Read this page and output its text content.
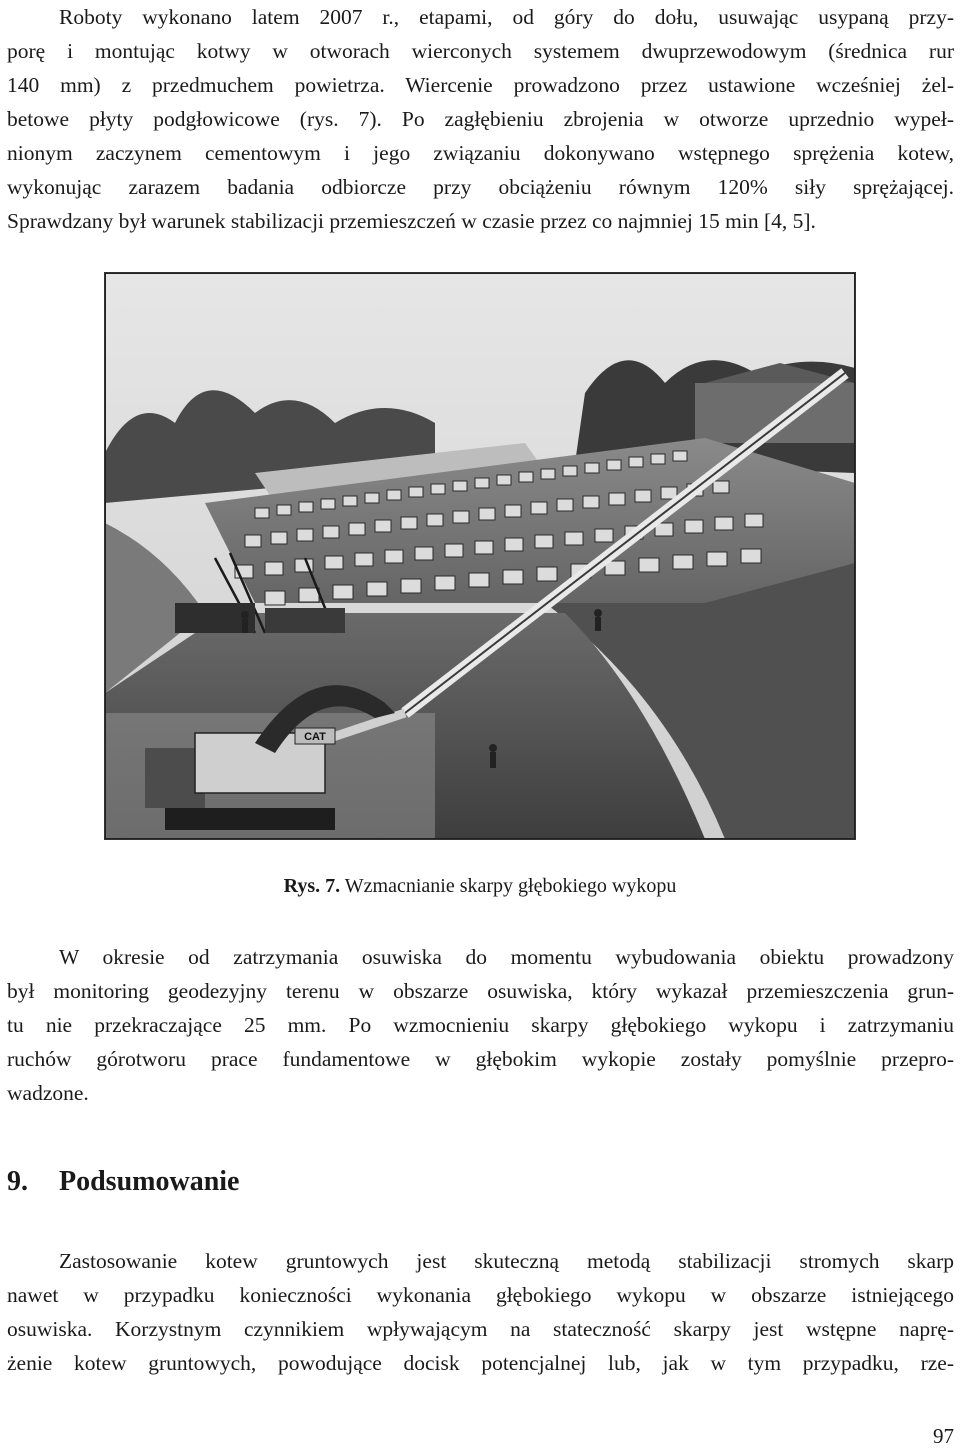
Roboty wykonano latem 2007 r., etapami, od góry do dołu, usuwając usypaną przy-
porę i montując kotwy w otworach wierconych systemem dwuprzewodowym (średnica rur
140 mm) z przedmuchem powietrza. Wiercenie prowadzono przez ustawione wcześniej żel-
betowe płyty podgłowicowe (rys. 7). Po zagłębieniu zbrojenia w otworze uprzednio wypeł-
nionym zaczynem cementowym i jego związaniu dokonywano wstępnego sprężenia kotew,
wykonując zarazem badania odbiorcze przy obciążeniu równym 120% siły sprężającej.
Sprawdzany był warunek stabilizacji przemieszczeń w czasie przez co najmniej 15 min [4, 5].
CAT
Rys. 7. Wzmacnianie skarpy głębokiego wykopu
W okresie od zatrzymania osuwiska do momentu wybudowania obiektu prowadzony
był monitoring geodezyjny terenu w obszarze osuwiska, który wykazał przemieszczenia grun-
tu nie przekraczające 25 mm. Po wzmocnieniu skarpy głębokiego wykopu i zatrzymaniu
ruchów górotworu prace fundamentowe w głębokim wykopie zostały pomyślnie przepro-
wadzone.
9. Podsumowanie
Zastosowanie kotew gruntowych jest skuteczną metodą stabilizacji stromych skarp
nawet w przypadku konieczności wykonania głębokiego wykopu w obszarze istniejącego
osuwiska. Korzystnym czynnikiem wpływającym na stateczność skarpy jest wstępne naprę-
żenie kotew gruntowych, powodujące docisk potencjalnej lub, jak w tym przypadku, rze-
97
